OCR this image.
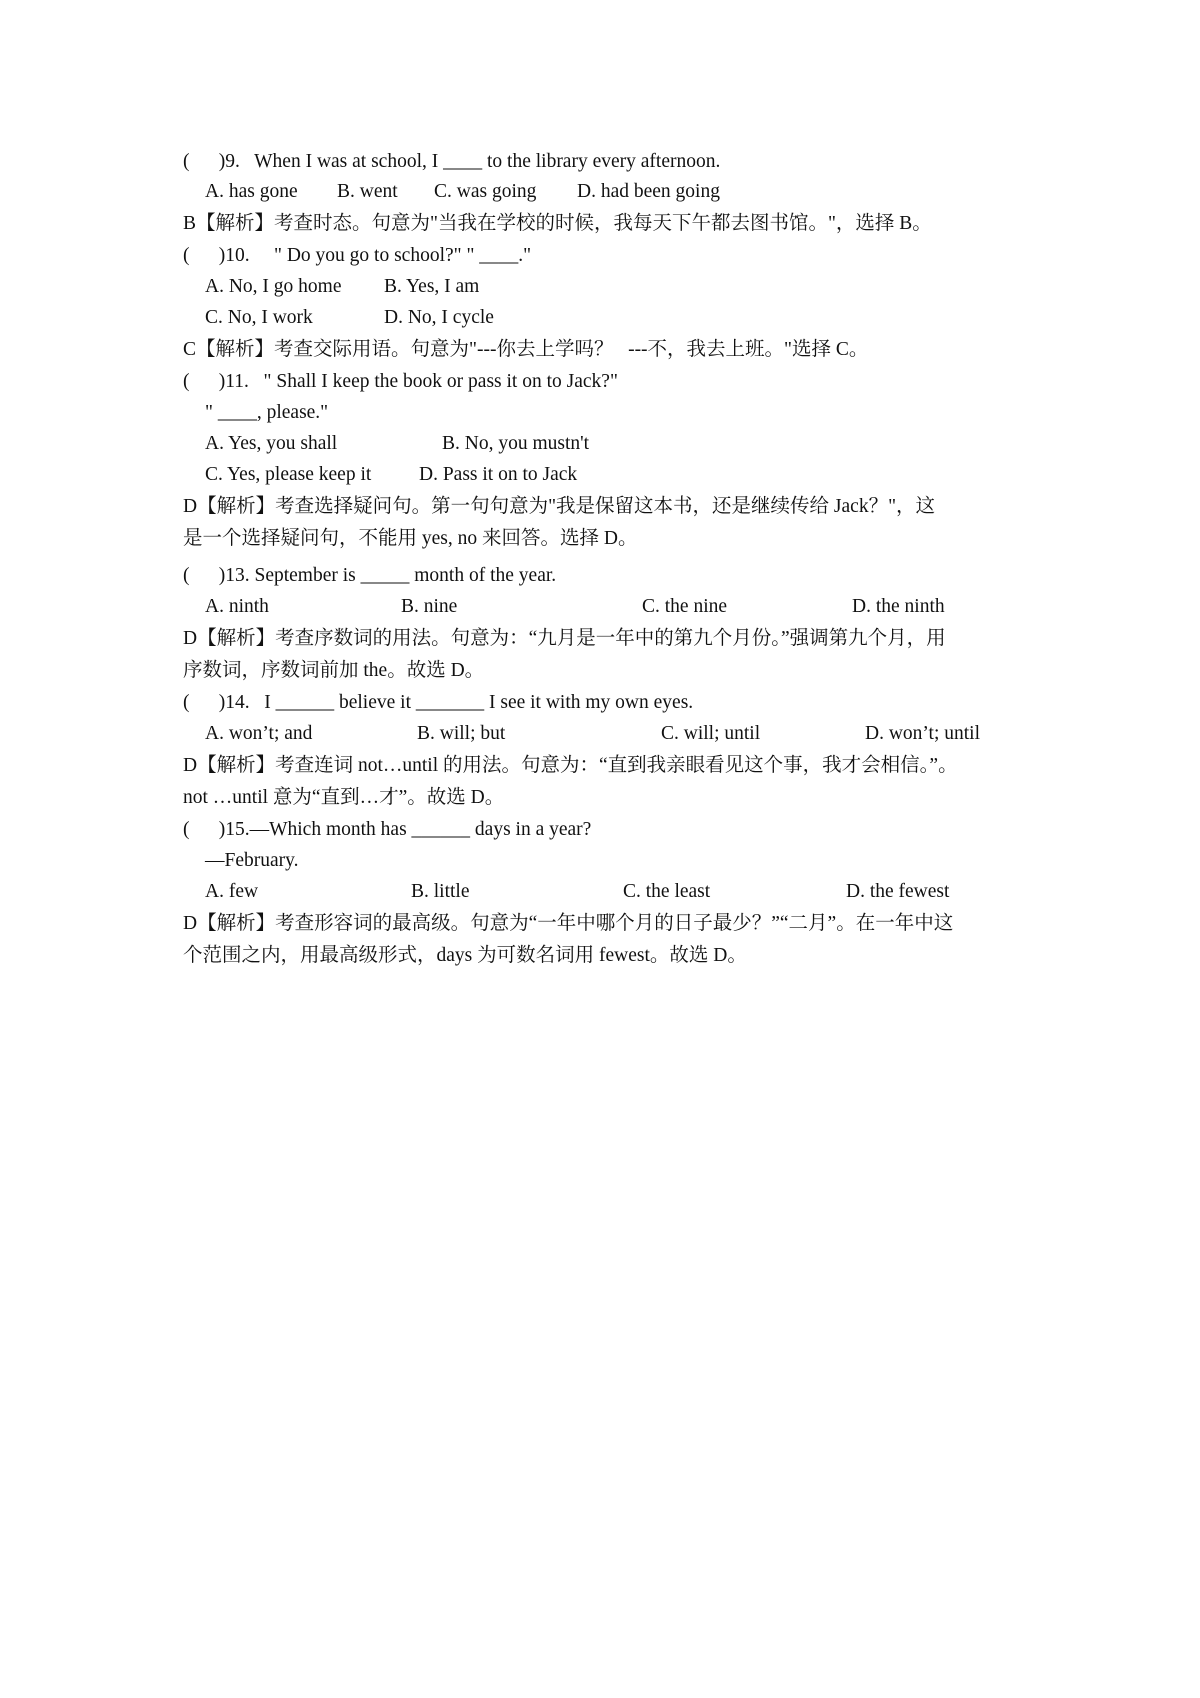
(      )9.   When I was at school, I ____ to the library every afternoon.
A. has gone B. went C. was going D. had been going
B【解析】考查时态。句意为"当我在学校的时候，我每天下午都去图书馆。"，选择 B。
(      )10.     " Do you go to school?" " ____."
A. No, I go home B. Yes, I am
C. No, I work	D. No, I cycle
C【解析】考查交际用语。句意为"---你去上学吗？   ---不，我去上班。"选择 C。
(      )11.   " Shall I keep the book or pass it on to Jack?"
" ____, please."
A. Yes, you shall	B. No, you mustn't
C. Yes, please keep it D. Pass it on to Jack
D【解析】考查选择疑问句。第一句句意为"我是保留这本书，还是继续传给 Jack？"，这
是一个选择疑问句，不能用 yes, no 来回答。选择 D。
(      )13. September is _____ month of the year.
A. ninth	B. nine	C. the nine	D. the ninth
D【解析】考查序数词的用法。句意为：“九月是一年中的第九个月份。”强调第九个月，用
序数词，序数词前加 the。故选 D。
(      )14.   I ______ believe it _______ I see it with my own eyes.
A. won’t; and	B. will; but	C. will; until	D. won’t; until
D【解析】考查连词 not…until 的用法。句意为：“直到我亲眼看见这个事，我才会相信。”。
not …until 意为“直到…才”。故选 D。
(      )15.—Which month has ______ days in a year?
—February.
A. few	B. little	C. the least	D. the fewest
D【解析】考查形容词的最高级。句意为“一年中哪个月的日子最少？”“二月”。在一年中这
个范围之内，用最高级形式，days 为可数名词用 fewest。故选 D。
